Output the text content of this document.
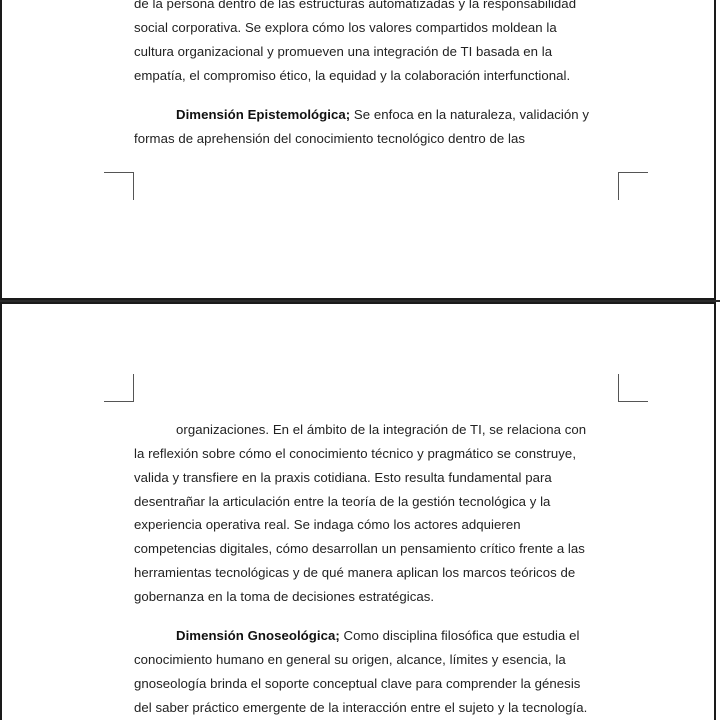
de la persona dentro de las estructuras automatizadas y la responsabilidad
social corporativa. Se explora cómo los valores compartidos moldean la
cultura organizacional y promueven una integración de TI basada en la
empatía, el compromiso ético, la equidad y la colaboración interfunctional.
Dimensión Epistemológica; Se enfoca en la naturaleza, validación y
formas de aprehensión del conocimiento tecnológico dentro de las
organizaciones. En el ámbito de la integración de TI, se relaciona con
la reflexión sobre cómo el conocimiento técnico y pragmático se construye,
valida y transfiere en la praxis cotidiana. Esto resulta fundamental para
desentrañar la articulación entre la teoría de la gestión tecnológica y la
experiencia operativa real. Se indaga cómo los actores adquieren
competencias digitales, cómo desarrollan un pensamiento crítico frente a las
herramientas tecnológicas y de qué manera aplican los marcos teóricos de
gobernanza en la toma de decisiones estratégicas.
Dimensión Gnoseológica; Como disciplina filosófica que estudia el
conocimiento humano en general su origen, alcance, límites y esencia, la
gnoseología brinda el soporte conceptual clave para comprender la génesis
del saber práctico emergente de la interacción entre el sujeto y la tecnología.
